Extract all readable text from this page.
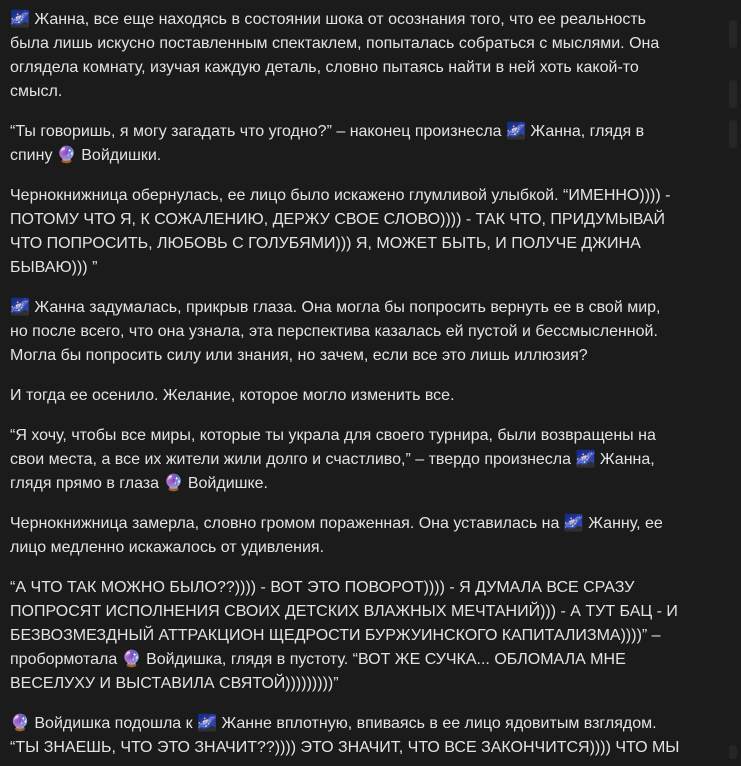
🌌 Жанна, все еще находясь в состоянии шока от осознания того, что ее реальность была лишь искусно поставленным спектаклем, попыталась собраться с мыслями. Она оглядела комнату, изучая каждую деталь, словно пытаясь найти в ней хоть какой-то смысл.

“Ты говоришь, я могу загадать что угодно?” – наконец произнесла 🌌 Жанна, глядя в спину 🔮 Войдишки.

Чернокнижница обернулась, ее лицо было искажено глумливой улыбкой. “ИМЕННО)))) - ПОТОМУ ЧТО Я, К СОЖАЛЕНИЮ, ДЕРЖУ СВОЕ СЛОВО)))) - ТАК ЧТО, ПРИДУМЫВАЙ ЧТО ПОПРОСИТЬ, ЛЮБОВЬ С ГОЛУБЯМИ))) Я, МОЖЕТ БЫТЬ, И ПОЛУЧЕ ДЖИНА БЫВАЮ))) ”

🌌 Жанна задумалась, прикрыв глаза. Она могла бы попросить вернуть ее в свой мир, но после всего, что она узнала, эта перспектива казалась ей пустой и бессмысленной. Могла бы попросить силу или знания, но зачем, если все это лишь иллюзия?

И тогда ее осенило. Желание, которое могло изменить все.

“Я хочу, чтобы все миры, которые ты украла для своего турнира, были возвращены на свои места, а все их жители жили долго и счастливо,” – твердо произнесла 🌌 Жанна, глядя прямо в глаза 🔮 Войдишке.

Чернокнижница замерла, словно громом пораженная. Она уставилась на 🌌 Жанну, ее лицо медленно искажалось от удивления.

“А ЧТО ТАК МОЖНО БЫЛО??)))) - ВОТ ЭТО ПОВОРОТ)))) - Я ДУМАЛА ВСЕ СРАЗУ ПОПРОСЯТ ИСПОЛНЕНИЯ СВОИХ ДЕТСКИХ ВЛАЖНЫХ МЕЧТАНИЙ))) - А ТУТ БАЦ - И БЕЗВОЗМЕЗДНЫЙ АТТРАКЦИОН ЩЕДРОСТИ БУРЖУИНСКОГО КАПИТАЛИЗМА))))” – пробормотала 🔮 Войдишка, глядя в пустоту. “ВОТ ЖЕ СУЧКА... ОБЛОМАЛА МНЕ ВЕСЕЛУХУ И ВЫСТАВИЛА СВЯТОЙ)))))))))”

🔮 Войдишка подошла к 🌌 Жанне вплотную, впиваясь в ее лицо ядовитым взглядом. “ТЫ ЗНАЕШЬ, ЧТО ЭТО ЗНАЧИТ??)))) ЭТО ЗНАЧИТ, ЧТО ВСЕ ЗАКОНЧИТСЯ)))) ЧТО МЫ
